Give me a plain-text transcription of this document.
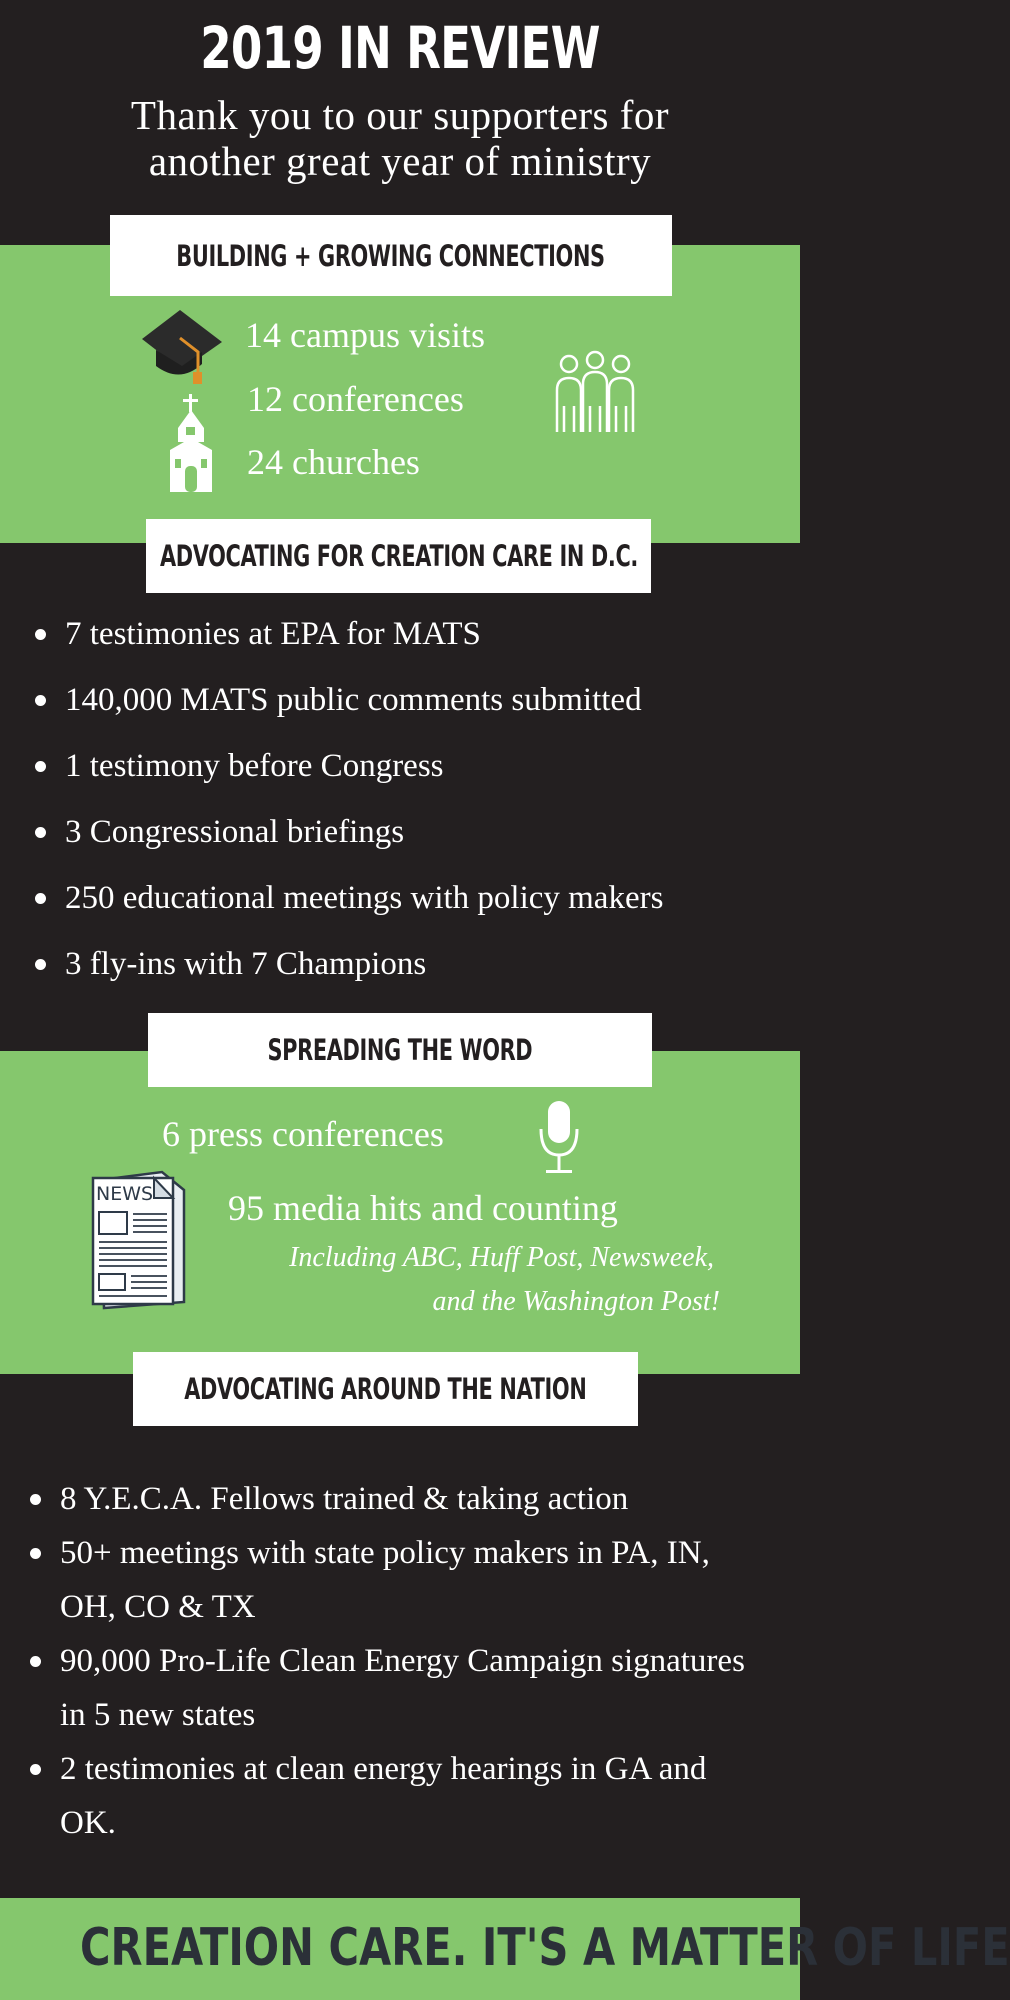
2019 IN REVIEW
Thank you to our supporters for
another great year of ministry
BUILDING + GROWING CONNECTIONS
14 campus visits
12 conferences
24 churches
ADVOCATING FOR CREATION CARE IN D.C.
7 testimonies at EPA for MATS
140,000 MATS public comments submitted
1 testimony before Congress
3 Congressional briefings
250 educational meetings with policy makers
3 fly-ins with 7 Champions
SPREADING THE WORD
6 press conferences
NEWS 95 media hits and counting
Including ABC, Huff Post, Newsweek,
and the Washington Post!
ADVOCATING AROUND THE NATION
8 Y.E.C.A. Fellows trained & taking action
50+ meetings with state policy makers in PA, IN, OH, CO & TX
90,000 Pro-Life Clean Energy Campaign signatures in 5 new states
2 testimonies at clean energy hearings in GA and OK.
CREATION CARE. IT'S A MATTER OF LIFE
